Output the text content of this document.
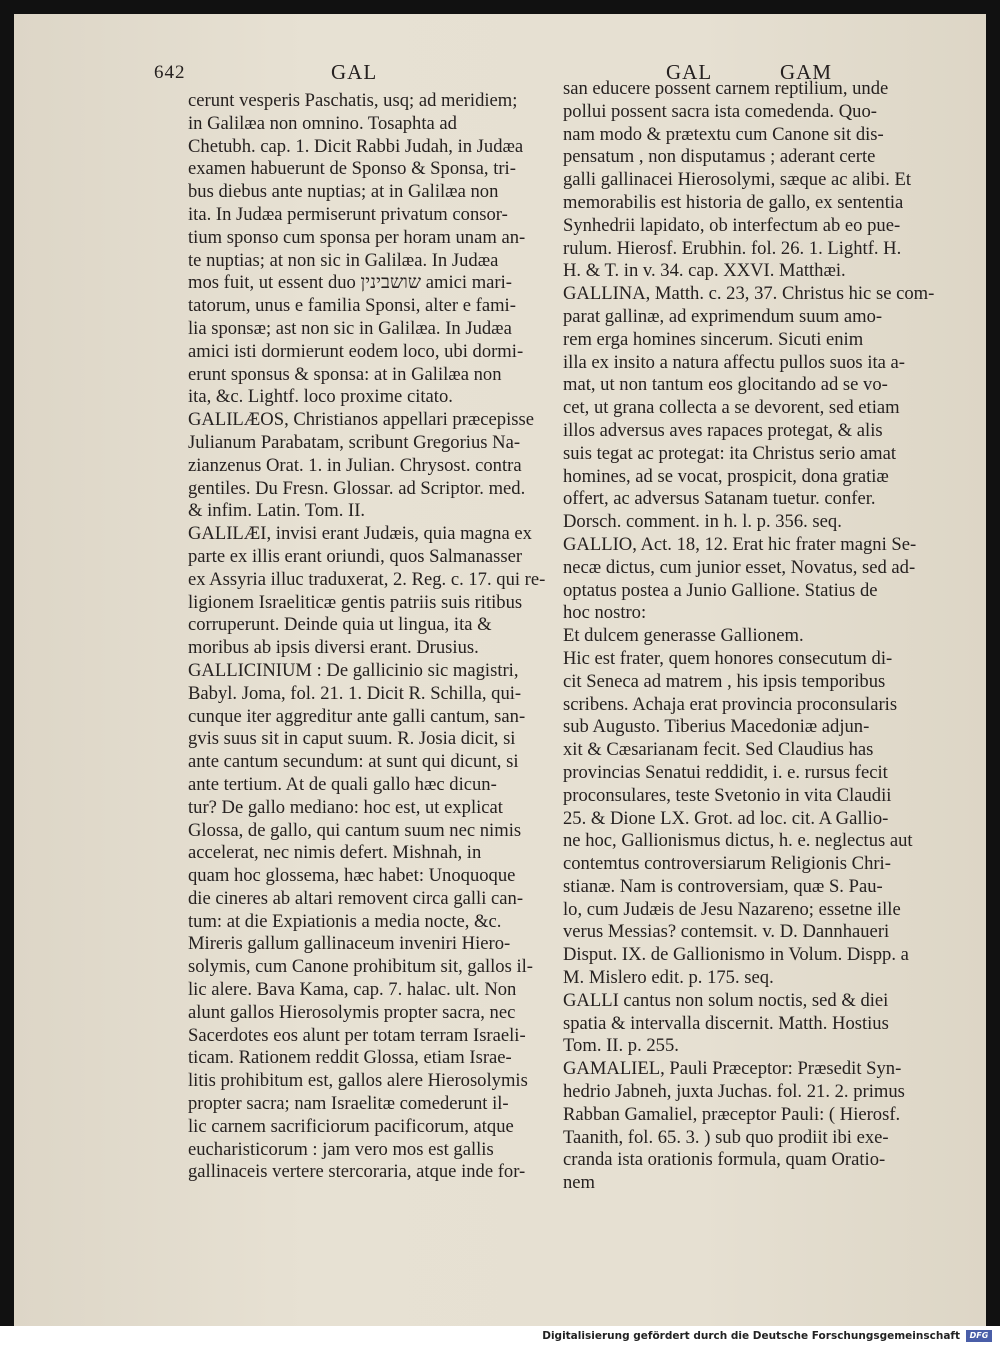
642	GAL	GAL	GAM
cerunt vesperis Paschatis, usq; ad meridiem;
in Galilæa non omnino. Tosaphta ad
Chetubh. cap. 1. Dicit Rabbi Judah, in Judæa
examen habuerunt de Sponso & Sponsa, tri-
bus diebus ante nuptias; at in Galilæa non
ita. In Judæa permiserunt privatum consor-
tium sponso cum sponsa per horam unam an-
te nuptias; at non sic in Galilæa. In Judæa
mos fuit, ut essent duo שושבינין amici mari-
tatorum, unus e familia Sponsi, alter e fami-
lia sponsæ; ast non sic in Galilæa. In Judæa
amici isti dormierunt eodem loco, ubi dormi-
erunt sponsus & sponsa: at in Galilæa non
ita, &c. Lightf. loco proxime citato.
GALILÆOS, Christianos appellari præcepisse
Julianum Parabatam, scribunt Gregorius Na-
zianzenus Orat. 1. in Julian. Chrysost. contra
gentiles. Du Fresn. Glossar. ad Scriptor. med.
& infim. Latin. Tom. II.
GALILÆI, invisi erant Judæis, quia magna ex
parte ex illis erant oriundi, quos Salmanasser
ex Assyria illuc traduxerat, 2. Reg. c. 17. qui re-
ligionem Israeliticæ gentis patriis suis ritibus
corruperunt. Deinde quia ut lingua, ita &
moribus ab ipsis diversi erant. Drusius.
GALLICINIUM : De gallicinio sic magistri,
Babyl. Joma, fol. 21. 1. Dicit R. Schilla, qui-
cunque iter aggreditur ante galli cantum, san-
gvis suus sit in caput suum. R. Josia dicit, si
ante cantum secundum: at sunt qui dicunt, si
ante tertium. At de quali gallo hæc dicun-
tur? De gallo mediano: hoc est, ut explicat
Glossa, de gallo, qui cantum suum nec nimis
accelerat, nec nimis defert. Mishnah, in
quam hoc glossema, hæc habet: Unoquoque
die cineres ab altari removent circa galli can-
tum: at die Expiationis a media nocte, &c.
Mireris gallum gallinaceum inveniri Hiero-
solymis, cum Canone prohibitum sit, gallos il-
lic alere. Bava Kama, cap. 7. halac. ult. Non
alunt gallos Hierosolymis propter sacra, nec
Sacerdotes eos alunt per totam terram Israeli-
ticam. Rationem reddit Glossa, etiam Israe-
litis prohibitum est, gallos alere Hierosolymis
propter sacra; nam Israelitæ comederunt il-
lic carnem sacrificiorum pacificorum, atque
eucharisticorum : jam vero mos est gallis
gallinaceis vertere stercoraria, atque inde for-
san educere possent carnem reptilium, unde
pollui possent sacra ista comedenda. Quo-
nam modo & prætextu cum Canone sit dis-
pensatum , non disputamus ; aderant certe
galli gallinacei Hierosolymi, sæque ac alibi. Et
memorabilis est historia de gallo, ex sententia
Synhedrii lapidato, ob interfectum ab eo pue-
rulum. Hierosf. Erubhin. fol. 26. 1. Lightf. H.
H. & T. in v. 34. cap. XXVI. Matthæi.
GALLINA, Matth. c. 23, 37. Christus hic se com-
parat gallinæ, ad exprimendum suum amo-
rem erga homines sincerum. Sicuti enim
illa ex insito a natura affectu pullos suos ita a-
mat, ut non tantum eos glocitando ad se vo-
cet, ut grana collecta a se devorent, sed etiam
illos adversus aves rapaces protegat, & alis
suis tegat ac protegat: ita Christus serio amat
homines, ad se vocat, prospicit, dona gratiæ
offert, ac adversus Satanam tuetur. confer.
Dorsch. comment. in h. l. p. 356. seq.
GALLIO, Act. 18, 12. Erat hic frater magni Se-
necæ dictus, cum junior esset, Novatus, sed ad-
optatus postea a Junio Gallione. Statius de
hoc nostro:
Et dulcem generasse Gallionem.
Hic est frater, quem honores consecutum di-
cit Seneca ad matrem , his ipsis temporibus
scribens. Achaja erat provincia proconsularis
sub Augusto. Tiberius Macedoniæ adjun-
xit & Cæsarianam fecit. Sed Claudius has
provincias Senatui reddidit, i. e. rursus fecit
proconsulares, teste Svetonio in vita Claudii
25. & Dione LX. Grot. ad loc. cit. A Gallio-
ne hoc, Gallionismus dictus, h. e. neglectus aut
contemtus controversiarum Religionis Chri-
stianæ. Nam is controversiam, quæ S. Pau-
lo, cum Judæis de Jesu Nazareno; essetne ille
verus Messias? contemsit. v. D. Dannhaueri
Disput. IX. de Gallionismo in Volum. Dispp. a
M. Mislero edit. p. 175. seq.
GALLI cantus non solum noctis, sed & diei
spatia & intervalla discernit. Matth. Hostius
Tom. II. p. 255.
GAMALIEL, Pauli Præceptor: Præsedit Syn-
hedrio Jabneh, juxta Juchas. fol. 21. 2. primus
Rabban Gamaliel, præceptor Pauli: ( Hierosf.
Taanith, fol. 65. 3. ) sub quo prodiit ibi exe-
cranda ista orationis formula, quam Oratio-
nem
Digitalisierung gefördert durch die Deutsche Forschungsgemeinschaft DFG
